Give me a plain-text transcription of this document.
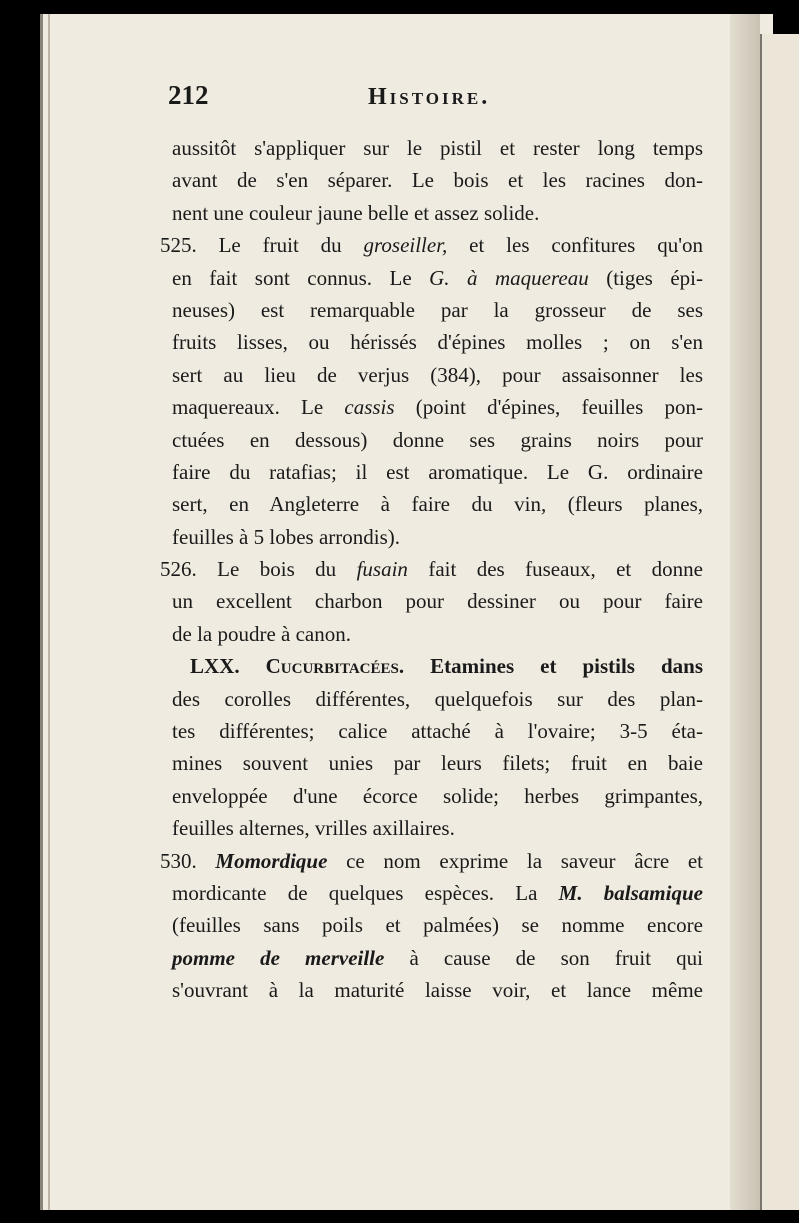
212	Histoire.
aussitôt s'appliquer sur le pistil et rester long temps
avant de s'en séparer. Le bois et les racines don-
nent une couleur jaune belle et assez solide.
525. Le fruit du groseiller, et les confitures qu'on
en fait sont connus. Le G. à maquereau (tiges épi-
neuses) est remarquable par la grosseur de ses
fruits lisses, ou hérissés d'épines molles ; on s'en
sert au lieu de verjus (384), pour assaisonner les
maquereaux. Le cassis (point d'épines, feuilles pon-
ctuées en dessous) donne ses grains noirs pour
faire du ratafias; il est aromatique. Le G. ordinaire
sert, en Angleterre à faire du vin, (fleurs planes,
feuilles à 5 lobes arrondis).
526. Le bois du fusain fait des fuseaux, et donne
un excellent charbon pour dessiner ou pour faire
de la poudre à canon.
LXX. Cucurbitacées. Etamines et pistils dans
des corolles différentes, quelquefois sur des plan-
tes différentes; calice attaché à l'ovaire; 3-5 éta-
mines souvent unies par leurs filets; fruit en baie
enveloppée d'une écorce solide; herbes grimpantes,
feuilles alternes, vrilles axillaires.
530. Momordique ce nom exprime la saveur âcre et
mordicante de quelques espèces. La M. balsamique
(feuilles sans poils et palmées) se nomme encore
pomme de merveille à cause de son fruit qui
s'ouvrant à la maturité laisse voir, et lance même
